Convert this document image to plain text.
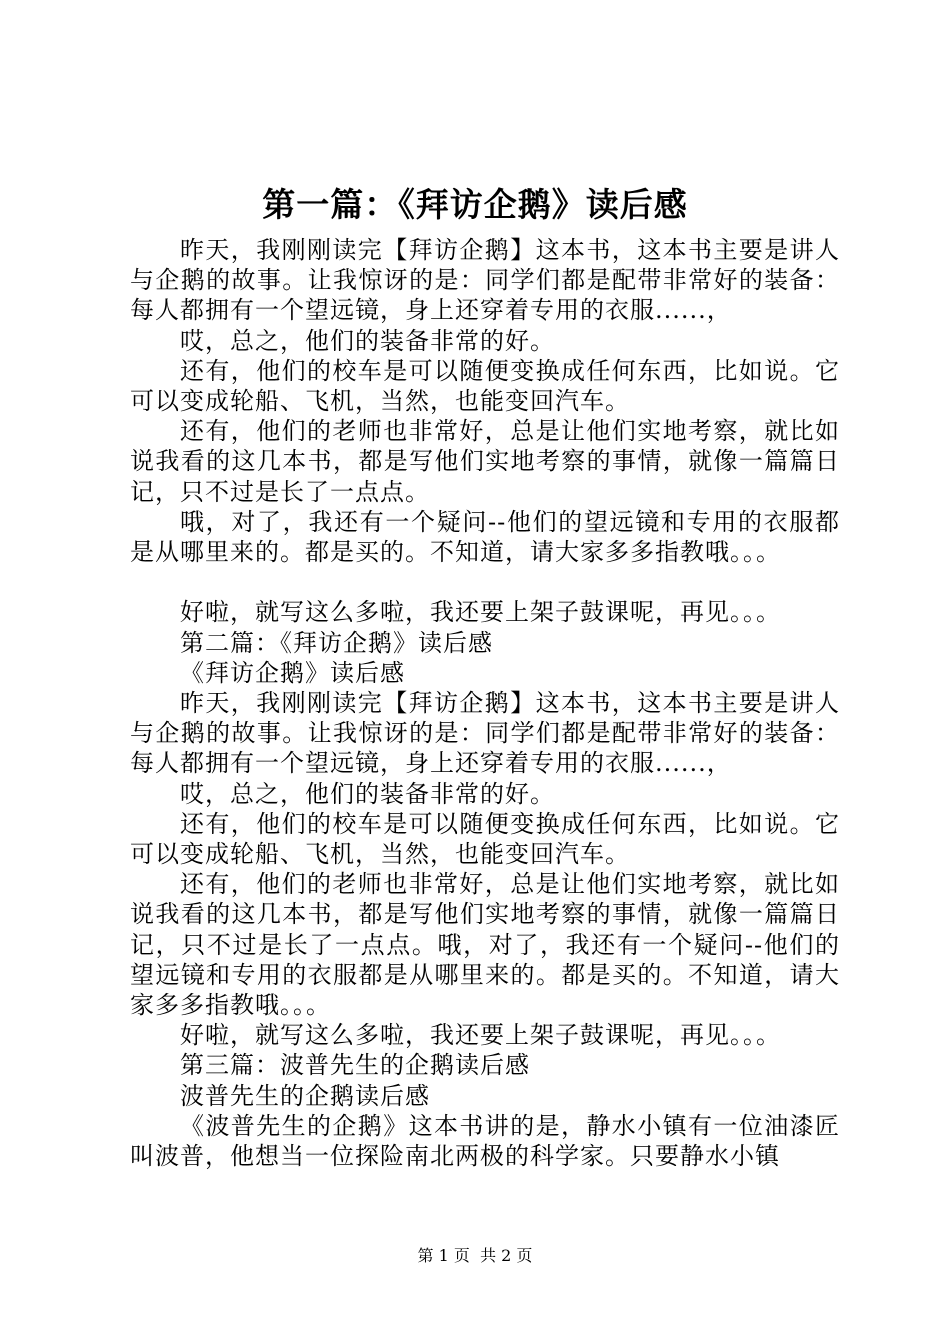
第一篇：《拜访企鹅》读后感

昨天，我刚刚读完【拜访企鹅】这本书，这本书主要是讲人与企鹅的故事。让我惊讶的是：同学们都是配带非常好的装备：每人都拥有一个望远镜，身上还穿着专用的衣服......，

哎，总之，他们的装备非常的好。

还有，他们的校车是可以随便变换成任何东西，比如说。它可以变成轮船、飞机，当然，也能变回汽车。

还有，他们的老师也非常好，总是让他们实地考察，就比如说我看的这几本书，都是写他们实地考察的事情，就像一篇篇日记，只不过是长了一点点。

哦，对了，我还有一个疑问--他们的望远镜和专用的衣服都是从哪里来的。都是买的。不知道，请大家多多指教哦。。。

好啦，就写这么多啦，我还要上架子鼓课呢，再见。。。

第二篇：《拜访企鹅》读后感

《拜访企鹅》读后感

昨天，我刚刚读完【拜访企鹅】这本书，这本书主要是讲人与企鹅的故事。让我惊讶的是：同学们都是配带非常好的装备：每人都拥有一个望远镜，身上还穿着专用的衣服......，

哎，总之，他们的装备非常的好。

还有，他们的校车是可以随便变换成任何东西，比如说。它可以变成轮船、飞机，当然，也能变回汽车。

还有，他们的老师也非常好，总是让他们实地考察，就比如说我看的这几本书，都是写他们实地考察的事情，就像一篇篇日记，只不过是长了一点点。哦，对了，我还有一个疑问--他们的望远镜和专用的衣服都是从哪里来的。都是买的。不知道，请大家多多指教哦。。。

好啦，就写这么多啦，我还要上架子鼓课呢，再见。。。

第三篇：波普先生的企鹅读后感

波普先生的企鹅读后感

《波普先生的企鹅》这本书讲的是，静水小镇有一位油漆匠叫波普，他想当一位探险南北两极的科学家。只要静水小镇

第 1 页  共 2 页
